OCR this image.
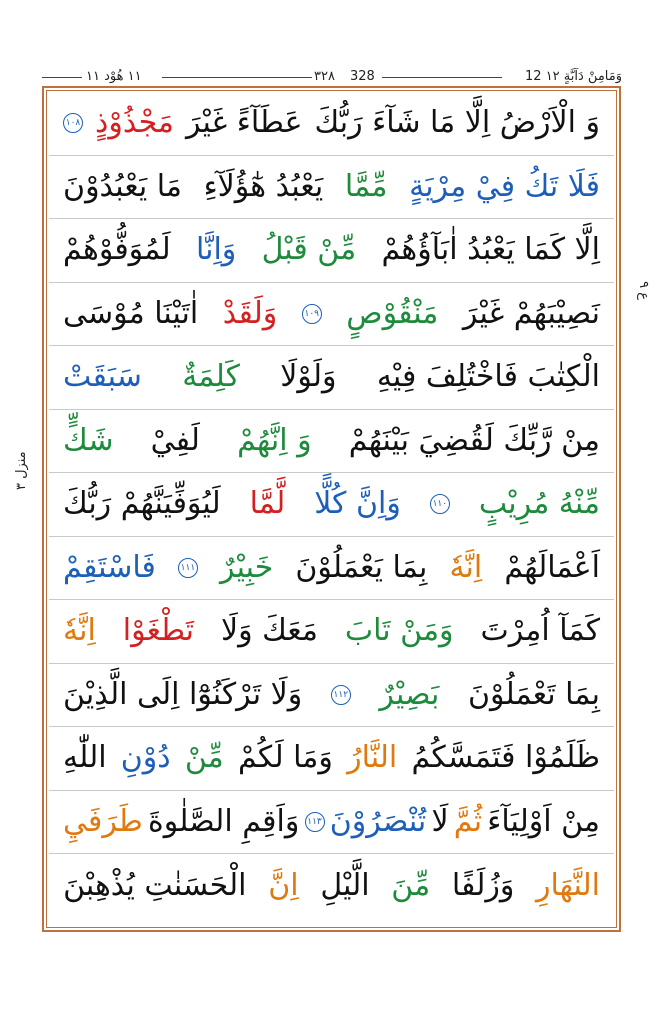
١١ هُوْد ١١	٣٢٨ 328	12 وَمَامِنْ دَآبَّةٍ ١٢
منزل ٣
ع ٩
وَ الْاَرْضُ اِلَّا مَا شَآءَ رَبُّكَ
عَطَآءً غَيْرَ
مَجْذُوْذٍ
١٠٨
فَلَا تَكُ فِيْ مِرْيَةٍ
مِّمَّا
يَعْبُدُ هٰٓؤُلَآءِ
مَا يَعْبُدُوْنَ
اِلَّا كَمَا يَعْبُدُ اٰبَآؤُهُمْ
مِّنْ قَبْلُ
وَاِنَّا
لَمُوَفُّوْهُمْ
نَصِيْبَهُمْ غَيْرَ
مَنْقُوْصٍ
١٠٩
وَلَقَدْ
اٰتَيْنَا مُوْسَى
الْكِتٰبَ فَاخْتُلِفَ فِيْهِ
وَلَوْلَا
كَلِمَةٌ
سَبَقَتْ
مِنْ رَّبِّكَ لَقُضِيَ بَيْنَهُمْ
وَ اِنَّهُمْ
لَفِيْ
شَكٍّ
مِّنْهُ مُرِيْبٍ
١١٠
وَاِنَّ كُلًّا
لَّمَّا
لَيُوَفِّيَنَّهُمْ رَبُّكَ
اَعْمَالَهُمْ
اِنَّهٗ
بِمَا يَعْمَلُوْنَ
خَبِيْرٌ
١١١
فَاسْتَقِمْ
كَمَآ اُمِرْتَ
وَمَنْ تَابَ
مَعَكَ وَلَا
تَطْغَوْا
اِنَّهٗ
بِمَا تَعْمَلُوْنَ
بَصِيْرٌ
١١٢
وَلَا تَرْكَنُوْٓا اِلَى الَّذِيْنَ
ظَلَمُوْا فَتَمَسَّكُمُ
النَّارُ
وَمَا لَكُمْ
مِّنْ
دُوْنِ
اللّٰهِ
مِنْ اَوْلِيَآءَ
ثُمَّ
لَا
تُنْصَرُوْنَ
١١٣
وَاَقِمِ الصَّلٰوةَ
طَرَفَيِ
النَّهَارِ
وَزُلَفًا
مِّنَ
الَّيْلِ
اِنَّ
الْحَسَنٰتِ يُذْهِبْنَ
